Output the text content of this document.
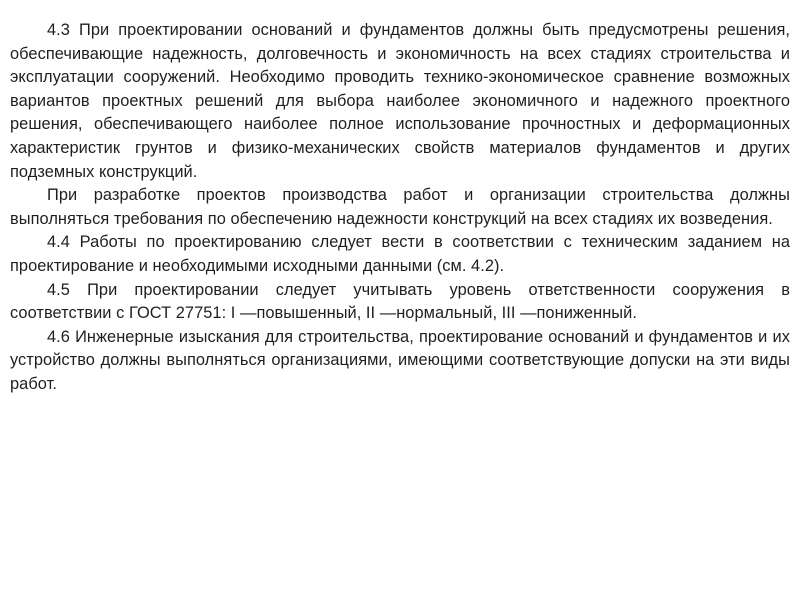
4.3 При проектировании оснований и фундаментов должны быть предусмотрены решения, обеспечивающие надежность, долговечность и экономичность на всех стадиях строительства и эксплуатации сооружений. Необходимо проводить технико-экономическое сравнение возможных вариантов проектных решений для выбора наиболее экономичного и надежного проектного решения, обеспечивающего наиболее полное использование прочностных и деформационных характеристик грунтов и физико-механических свойств материалов фундаментов и других подземных конструкций.

При разработке проектов производства работ и организации строительства должны выполняться требования по обеспечению надежности конструкций на всех стадиях их возведения.

4.4 Работы по проектированию следует вести в соответствии с техническим заданием на проектирование и необходимыми исходными данными (см. 4.2).

4.5 При проектировании следует учитывать уровень ответственности сооружения в соответствии с ГОСТ 27751: I —повышенный, II —нормальный, III —пониженный.

4.6 Инженерные изыскания для строительства, проектирование оснований и фундаментов и их устройство должны выполняться организациями, имеющими соответствующие допуски на эти виды работ.
